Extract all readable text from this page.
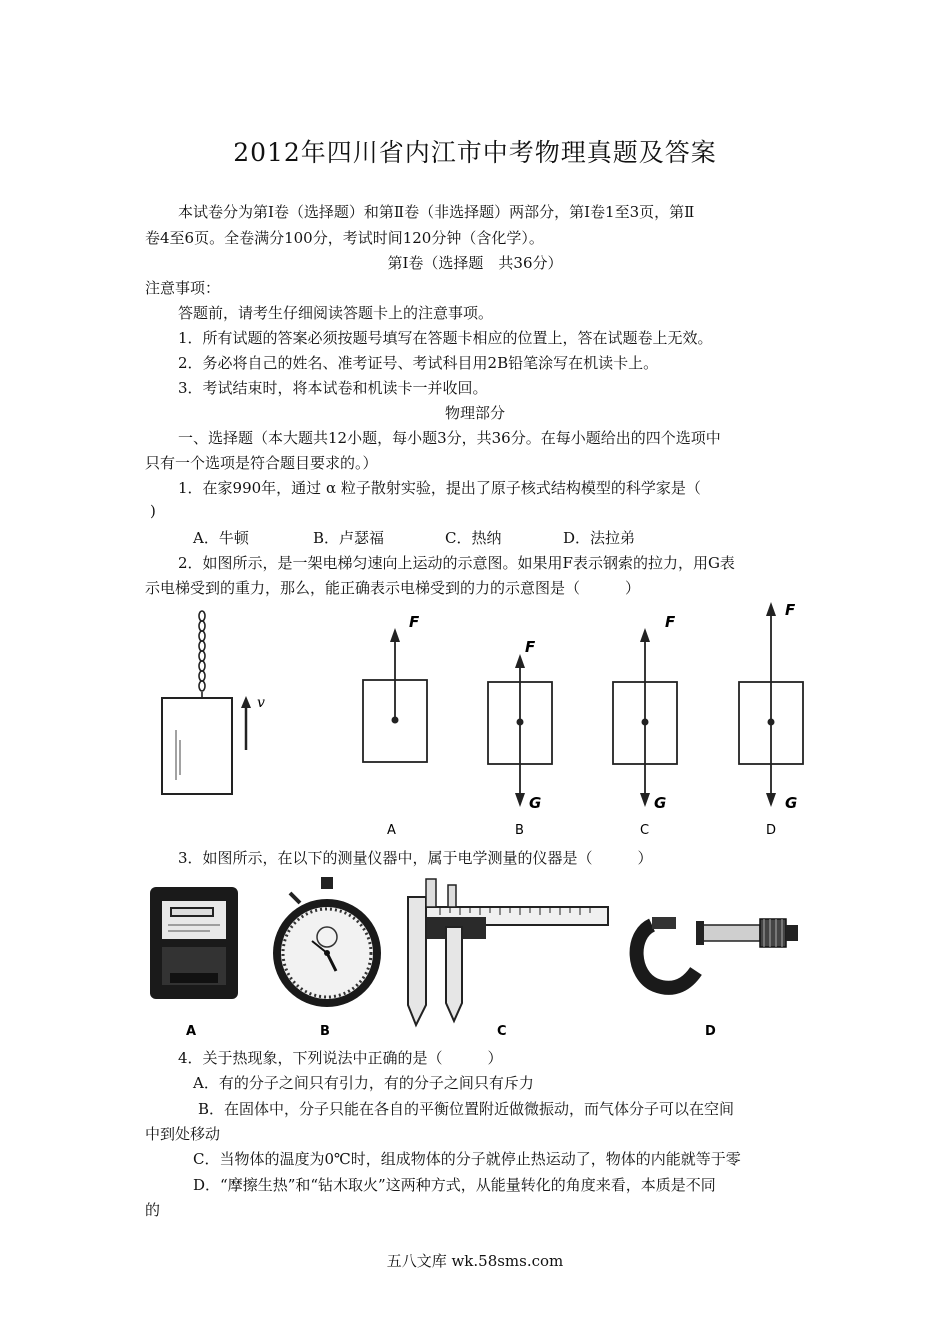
2012年四川省内江市中考物理真题及答案
本试卷分为第Ⅰ卷（选择题）和第Ⅱ卷（非选择题）两部分，第Ⅰ卷1至3页，第Ⅱ
卷4至6页。全卷满分100分，考试时间120分钟（含化学）。
第Ⅰ卷（选择题　共36分）
注意事项：
答题前，请考生仔细阅读答题卡上的注意事项。
1．所有试题的答案必须按题号填写在答题卡相应的位置上，答在试题卷上无效。
2．务必将自己的姓名、准考证号、考试科目用2B铅笔涂写在机读卡上。
3．考试结束时，将本试卷和机读卡一并收回。
物理部分
一、选择题（本大题共12小题，每小题3分，共36分。在每小题给出的四个选项中
只有一个选项是符合题目要求的。）
1．在家990年，通过 α 粒子散射实验，提出了原子核式结构模型的科学家是（
)
A．牛顿	B．卢瑟福	C．热纳	D．法拉弟
2．如图所示，是一架电梯匀速向上运动的示意图。如果用F表示钢索的拉力，用G表
示电梯受到的重力，那么，能正确表示电梯受到的力的示意图是（　　　）
v
F
F
G
F
G
F
G
A	B	C	D
3．如图所示，在以下的测量仪器中，属于电学测量的仪器是（　　　）
A	B	C	D
4．关于热现象，下列说法中正确的是（　　　）
A．有的分子之间只有引力，有的分子之间只有斥力
B．在固体中，分子只能在各自的平衡位置附近做微振动，而气体分子可以在空间
中到处移动
C．当物体的温度为0℃时，组成物体的分子就停止热运动了，物体的内能就等于零
D．“摩擦生热”和“钻木取火”这两种方式，从能量转化的角度来看，本质是不同
的
五八文库 wk.58sms.com
